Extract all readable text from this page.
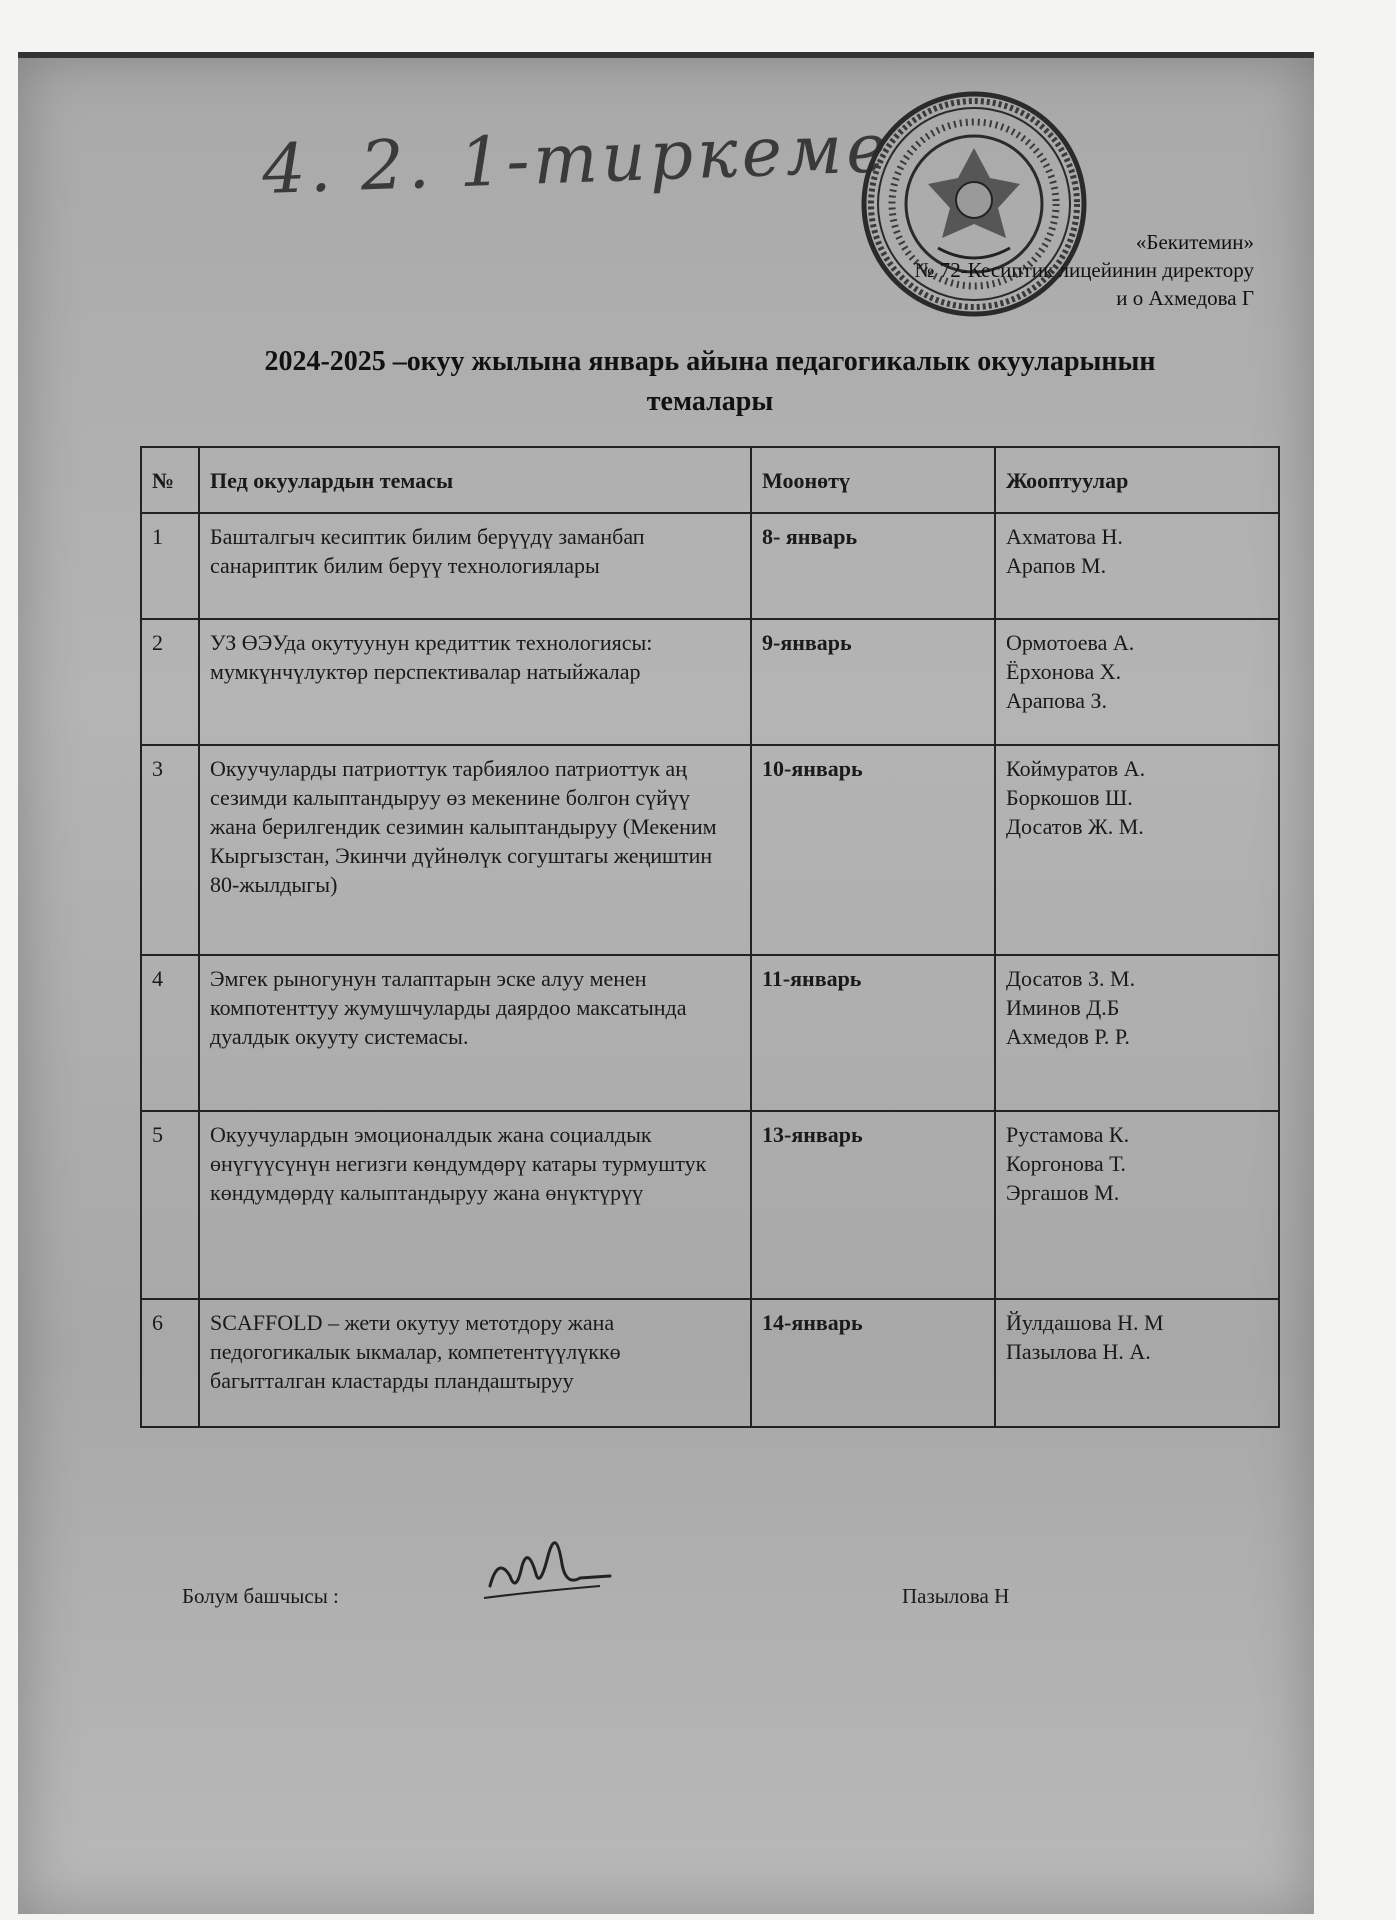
4. 2. 1-тиркеме
«Бекитемин»
№ 72-Кесиптик лицейинин директору
и о Ахмедова Г
2024-2025 –окуу жылына январь айына педагогикалык окууларынын
темалары
№	Пед окуулардын темасы	Моонөтү	Жооптуулар
1	Башталгыч кесиптик билим берүүдү заманбап санариптик билим берүү технологиялары	8- январь	Ахматова Н.
Арапов М.

2	УЗ ӨЭУда окутуунун кредиттик технологиясы: мумкүнчүлуктөр перспективалар натыйжалар	9-январь	Ормотоева А.
Ёрхонова Х.
Арапова З.

3	Окуучуларды патриоттук тарбиялоо патриоттук аң сезимди калыптандыруу өз мекенине болгон сүйүү жана берилгендик сезимин калыптандыруу (Мекеним Кыргызстан, Экинчи дүйнөлүк согуштагы жеңиштин 80-жылдыгы)	10-январь	Коймуратов А.
Боркошов Ш.
Досатов Ж. М.

4	Эмгек рыногунун талаптарын эске алуу менен компотенттуу жумушчуларды даярдоо максатында дуалдык окууту системасы.	11-январь	Досатов З. М.
Иминов Д.Б
Ахмедов Р. Р.

5	Окуучулардын эмоционалдык жана социалдык өнүгүүсүнүн негизги көндумдөрү катары турмуштук көндумдөрдү калыптандыруу жана өнүктүрүү	13-январь	Рустамова К.
Коргонова Т.
Эргашов М.

6	SCAFFOLD – жети окутуу метотдору жана педогогикалык ыкмалар, компетентүүлүккө багытталган кластарды пландаштыруу	14-январь	Йулдашова Н. М
Пазылова Н. А.
Болум башчысы :	Пазылова Н
